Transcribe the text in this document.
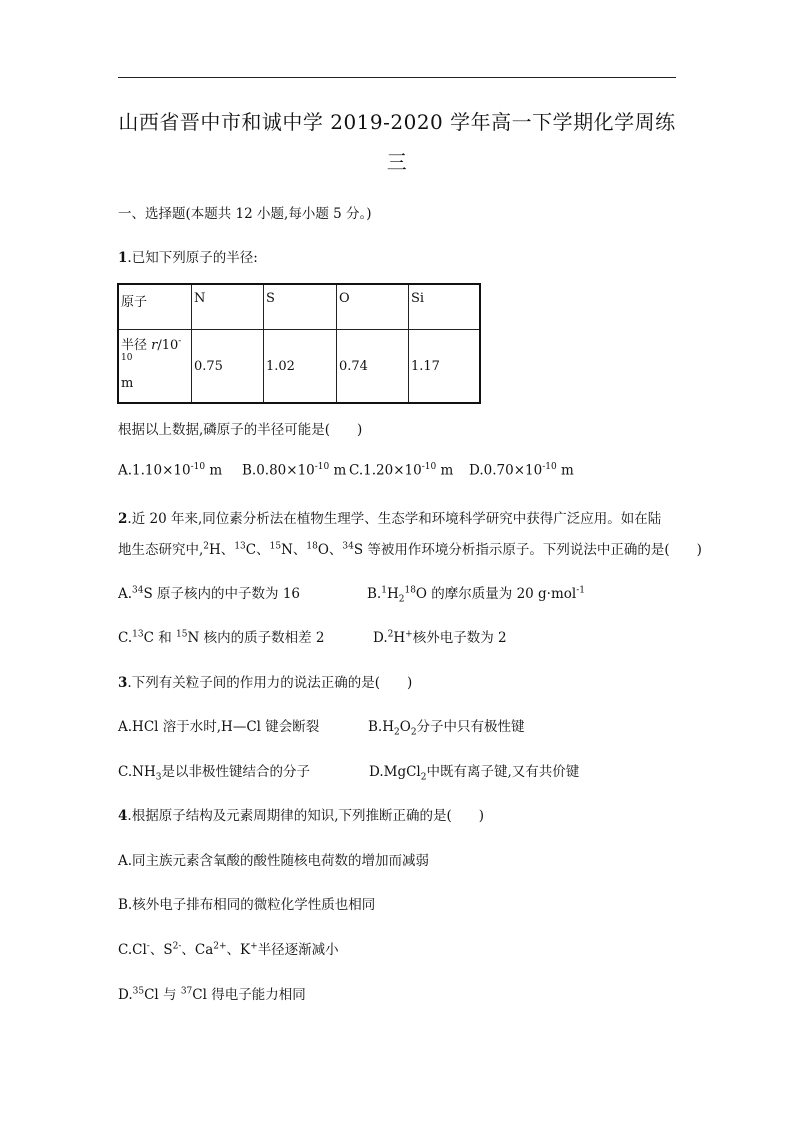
山西省晋中市和诚中学 2019-2020 学年高一下学期化学周练
三
一、选择题(本题共 12 小题,每小题 5 分。)
1.已知下列原子的半径:
原子	N	S	O	Si
半径 $r/10^{-10}$
m	0.75	1.02	0.74	1.17
根据以上数据,磷原子的半径可能是(　　)
$A.1.10\times 10^{-10}$ m $B.0.80\times 10^{-10}$ m $C.1.20\times 10^{-10}$ m $D.0.70\times 10^{-10}$ m
2.近 20 年来,同位素分析法在植物生理学、生态学和环境科学研究中获得广泛应用。如在陆
地生态研究中,$^2$H、$^{13}$C、$^{15}$N、$^{18}$O、$^{34}$S 等被用作环境分析指示原子。下列说法中正确的是(　　)
A.$^{34}$S 原子核内的中子数为 16	$B.^1H_2^{18}O$ 的摩尔质量为 20 g·mol$^{-1}$
C.$^{13}$C 和 $^{15}$N 核内的质子数相差 2	D.$^2$H+核外电子数为 2
3.下列有关粒子间的作用力的说法正确的是(　　)
A.HCl 溶于水时,H—Cl 键会断裂	$B.H_2O_2$分子中只有极性键
$C.NH_3$是以非极性键结合的分子	D.MgCl$_2$中既有离子键,又有共价键
4.根据原子结构及元素周期律的知识,下列推断正确的是(　　)
A.同主族元素含氧酸的酸性随核电荷数的增加而减弱
B.核外电子排布相同的微粒化学性质也相同
C.Cl-、$S^{2-}$、$Ca^{2+}$、K+半径逐渐减小
D.$^{35}$Cl 与 $^{37}$Cl 得电子能力相同
